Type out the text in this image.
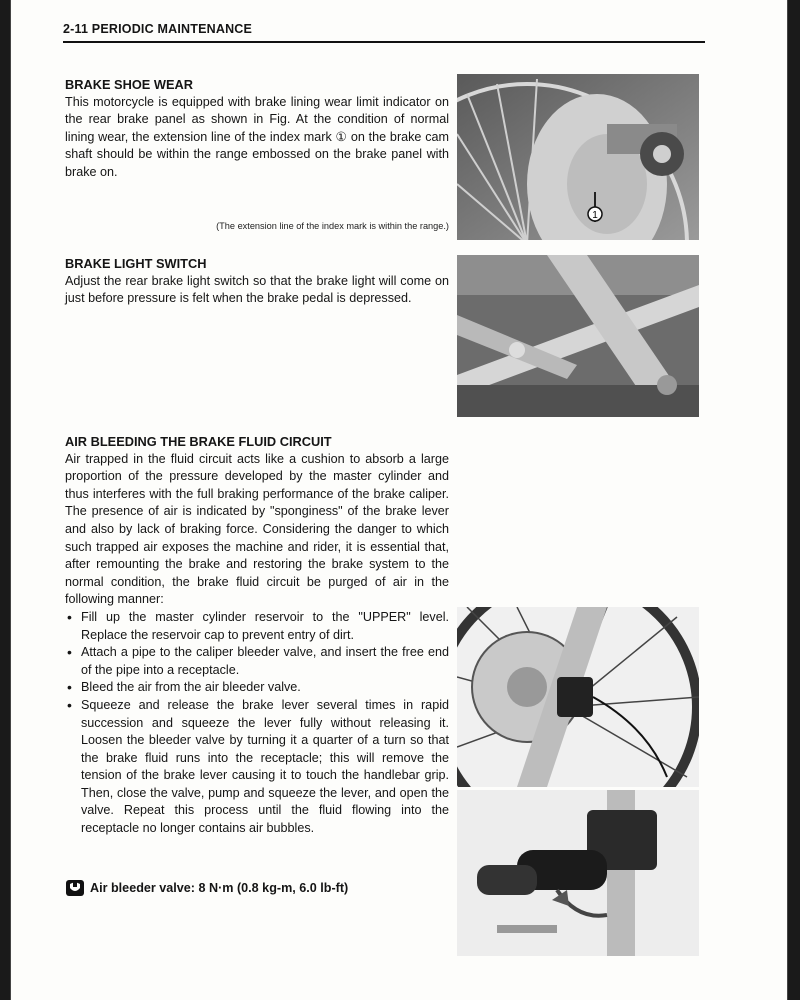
2-11 PERIODIC MAINTENANCE
BRAKE SHOE WEAR

This motorcycle is equipped with brake lining wear limit indicator on the rear brake panel as shown in Fig. At the condition of normal lining wear, the extension line of the index mark ① on the brake cam shaft should be within the range embossed on the brake panel with brake on.

(The extension line of the index mark is within the range.)
BRAKE LIGHT SWITCH

Adjust the rear brake light switch so that the brake light will come on just before pressure is felt when the brake pedal is depressed.

AIR BLEEDING THE BRAKE FLUID CIRCUIT

Air trapped in the fluid circuit acts like a cushion to absorb a large proportion of the pressure developed by the master cylinder and thus interferes with the full braking performance of the brake caliper. The presence of air is indicated by "sponginess" of the brake lever and also by lack of braking force. Considering the danger to which such trapped air exposes the machine and rider, it is essential that, after remounting the brake and restoring the brake system to the normal condition, the brake fluid circuit be purged of air in the following manner:

• Fill up the master cylinder reservoir to the "UPPER" level. Replace the reservoir cap to prevent entry of dirt.
• Attach a pipe to the caliper bleeder valve, and insert the free end of the pipe into a receptacle.
• Bleed the air from the air bleeder valve.
• Squeeze and release the brake lever several times in rapid succession and squeeze the lever fully without releasing it. Loosen the bleeder valve by turning it a quarter of a turn so that the brake fluid runs into the receptacle; this will remove the tension of the brake lever causing it to touch the handlebar grip. Then, close the valve, pump and squeeze the lever, and open the valve. Repeat this process until the fluid flowing into the receptacle no longer contains air bubbles.
Air bleeder valve: 8 N·m (0.8 kg-m, 6.0 lb-ft)
1
